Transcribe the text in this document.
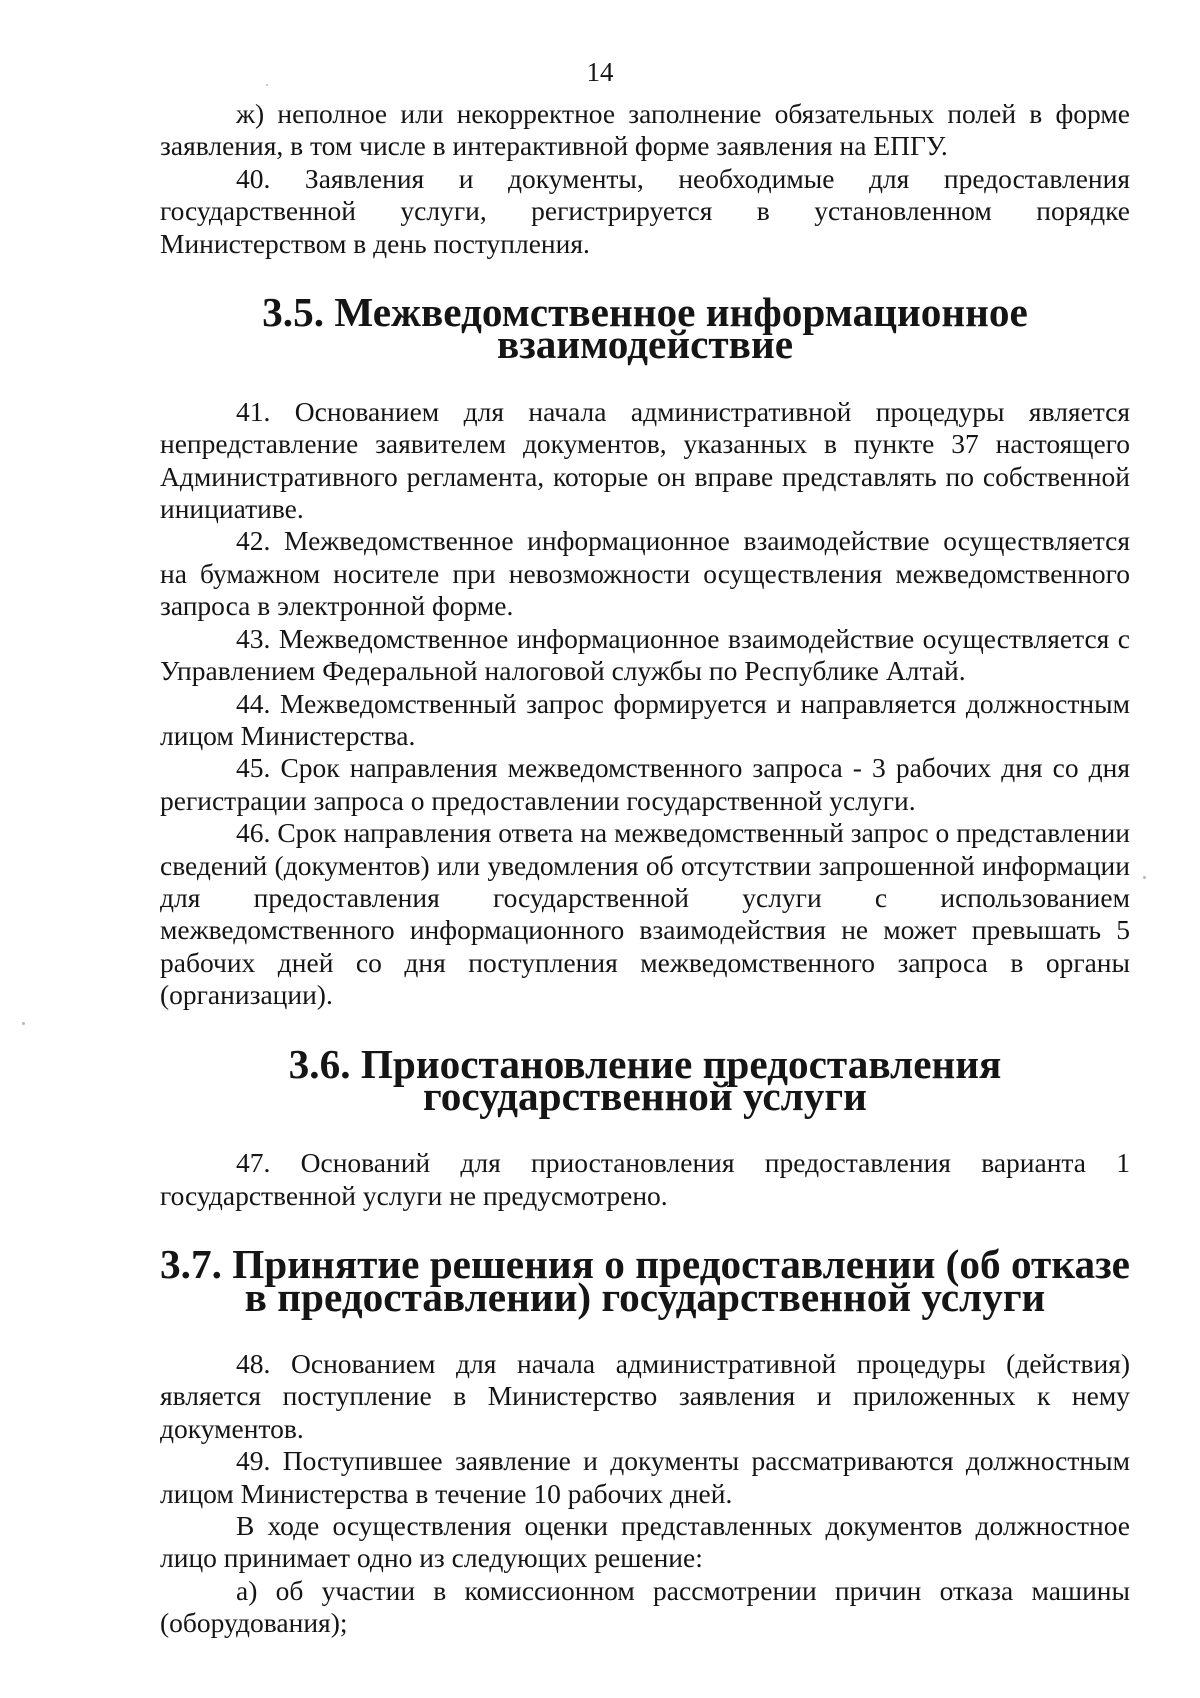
14

ж) неполное или некорректное заполнение обязательных полей в форме заявления, в том числе в интерактивной форме заявления на ЕПГУ.

40. Заявления и документы, необходимые для предоставления государственной услуги, регистрируется в установленном порядке Министерством в день поступления.

3.5. Межведомственное информационное взаимодействие

41. Основанием для начала административной процедуры является непредставление заявителем документов, указанных в пункте 37 настоящего Административного регламента, которые он вправе представлять по собственной инициативе.

42. Межведомственное информационное взаимодействие осуществляется на бумажном носителе при невозможности осуществления межведомственного запроса в электронной форме.

43. Межведомственное информационное взаимодействие осуществляется с Управлением Федеральной налоговой службы по Республике Алтай.

44. Межведомственный запрос формируется и направляется должностным лицом Министерства.

45. Срок направления межведомственного запроса - 3 рабочих дня со дня регистрации запроса о предоставлении государственной услуги.

46. Срок направления ответа на межведомственный запрос о представлении сведений (документов) или уведомления об отсутствии запрошенной информации для предоставления государственной услуги с использованием межведомственного информационного взаимодействия не может превышать 5 рабочих дней со дня поступления межведомственного запроса в органы (организации).

3.6. Приостановление предоставления государственной услуги

47. Оснований для приостановления предоставления варианта 1 государственной услуги не предусмотрено.

3.7. Принятие решения о предоставлении (об отказе в предоставлении) государственной услуги

48. Основанием для начала административной процедуры (действия) является поступление в Министерство заявления и приложенных к нему документов.

49. Поступившее заявление и документы рассматриваются должностным лицом Министерства в течение 10 рабочих дней.

В ходе осуществления оценки представленных документов должностное лицо принимает одно из следующих решение:

а) об участии в комиссионном рассмотрении причин отказа машины (оборудования);
